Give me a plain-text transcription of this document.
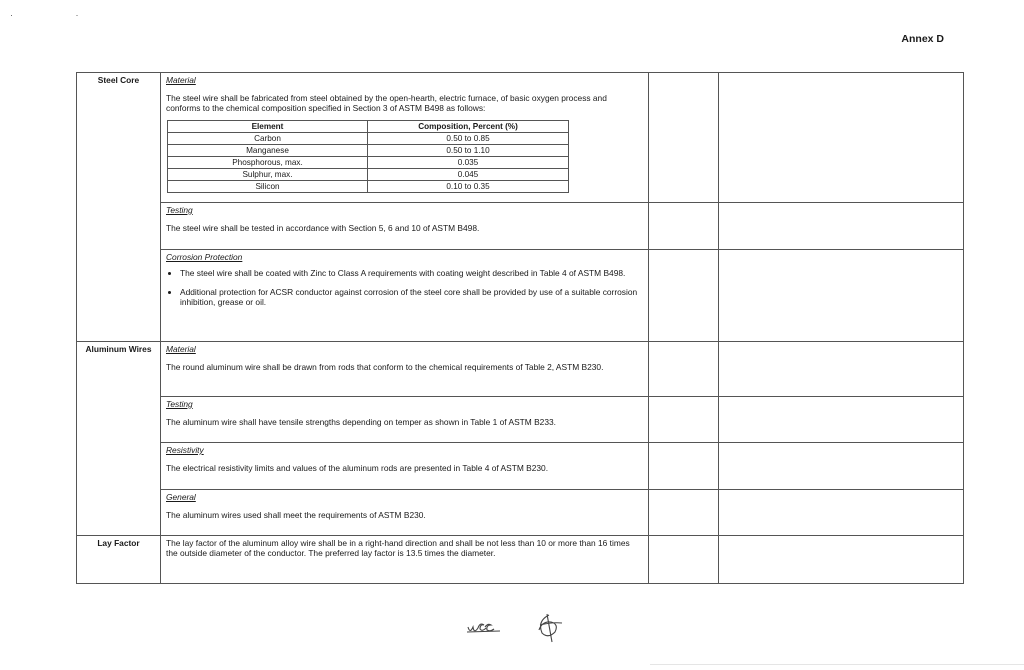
· ·
Annex D
Steel Core	Material

The steel wire shall be fabricated from steel obtained by the open-hearth, electric furnace, of basic oxygen process and conforms to the chemical composition specified in Section 3 of ASTM B498 as follows:

Element	Composition, Percent (%)
Carbon	0.50 to 0.85
Manganese	0.50 to 1.10
Phosphorous, max.	0.035
Sulphur, max.	0.045
Silicon	0.10 to 0.35

Testing

The steel wire shall be tested in accordance with Section 5, 6 and 10 of ASTM B498.

Corrosion Protection
• The steel wire shall be coated with Zinc to Class A requirements with coating weight described in Table 4 of ASTM B498.
• Additional protection for ACSR conductor against corrosion of the steel core shall be provided by use of a suitable corrosion inhibition, grease or oil.

Aluminum Wires	Material

The round aluminum wire shall be drawn from rods that conform to the chemical requirements of Table 2, ASTM B230.

Testing

The aluminum wire shall have tensile strengths depending on temper as shown in Table 1 of ASTM B233.

Resistivity

The electrical resistivity limits and values of the aluminum rods are presented in Table 4 of ASTM B230.

General

The aluminum wires used shall meet the requirements of ASTM B230.

Lay Factor	The lay factor of the aluminum alloy wire shall be in a right-hand direction and shall be not less than 10 or more than 16 times the outside diameter of the conductor. The preferred lay factor is 13.5 times the diameter.
